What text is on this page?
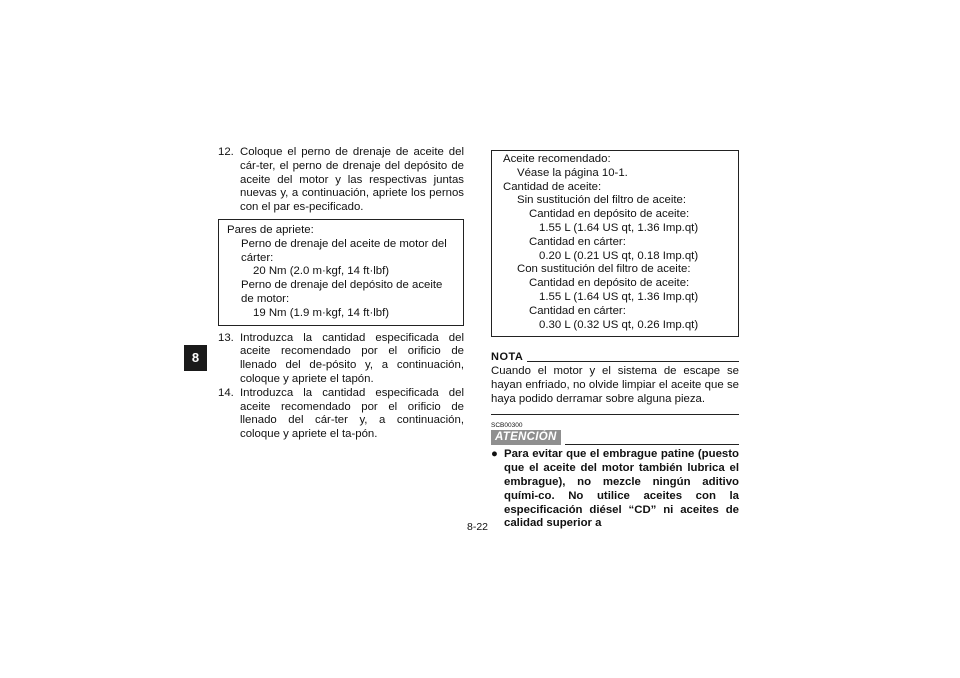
8

12. Coloque el perno de drenaje de aceite del cár-ter, el perno de drenaje del depósito de aceite del motor y las respectivas juntas nuevas y, a continuación, apriete los pernos con el par es-pecificado.

Pares de apriete:
Perno de drenaje del aceite de motor del cárter:
20 Nm (2.0 m·kgf, 14 ft·lbf)
Perno de drenaje del depósito de aceite de motor:
19 Nm (1.9 m·kgf, 14 ft·lbf)

13. Introduzca la cantidad especificada del aceite recomendado por el orificio de llenado del de-pósito y, a continuación, coloque y apriete el tapón.

14. Introduzca la cantidad especificada del aceite recomendado por el orificio de llenado del cár-ter y, a continuación, coloque y apriete el ta-pón.

Aceite recomendado:
Véase la página 10-1.
Cantidad de aceite:
Sin sustitución del filtro de aceite:
Cantidad en depósito de aceite:
1.55 L (1.64 US qt, 1.36 Imp.qt)
Cantidad en cárter:
0.20 L (0.21 US qt, 0.18 Imp.qt)
Con sustitución del filtro de aceite:
Cantidad en depósito de aceite:
1.55 L (1.64 US qt, 1.36 Imp.qt)
Cantidad en cárter:
0.30 L (0.32 US qt, 0.26 Imp.qt)
NOTA

Cuando el motor y el sistema de escape se hayan enfriado, no olvide limpiar el aceite que se haya podido derramar sobre alguna pieza.

SCB00300
ATENCIÓN
● Para evitar que el embrague patine (puesto que el aceite del motor también lubrica el embrague), no mezcle ningún aditivo quími-co. No utilice aceites con la especificación diésel “CD” ni aceites de calidad superior a
8-22
